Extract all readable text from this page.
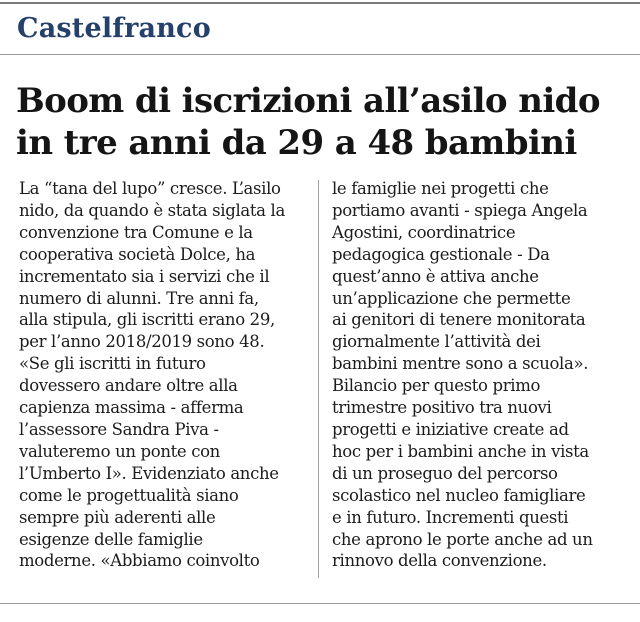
Castelfranco
Boom di iscrizioni all’asilo nido
in tre anni da 29 a 48 bambini
La “tana del lupo” cresce. L’asilo
nido, da quando è stata siglata la
convenzione tra Comune e la
cooperativa società Dolce, ha
incrementato sia i servizi che il
numero di alunni. Tre anni fa,
alla stipula, gli iscritti erano 29,
per l’anno 2018/2019 sono 48.
«Se gli iscritti in futuro
dovessero andare oltre alla
capienza massima - afferma
l’assessore Sandra Piva -
valuteremo un ponte con
l’Umberto I». Evidenziato anche
come le progettualità siano
sempre più aderenti alle
esigenze delle famiglie
moderne. «Abbiamo coinvolto
le famiglie nei progetti che
portiamo avanti - spiega Angela
Agostini, coordinatrice
pedagogica gestionale - Da
quest’anno è attiva anche
un’applicazione che permette
ai genitori di tenere monitorata
giornalmente l’attività dei
bambini mentre sono a scuola».
Bilancio per questo primo
trimestre positivo tra nuovi
progetti e iniziative create ad
hoc per i bambini anche in vista
di un proseguo del percorso
scolastico nel nucleo famigliare
e in futuro. Incrementi questi
che aprono le porte anche ad un
rinnovo della convenzione.
